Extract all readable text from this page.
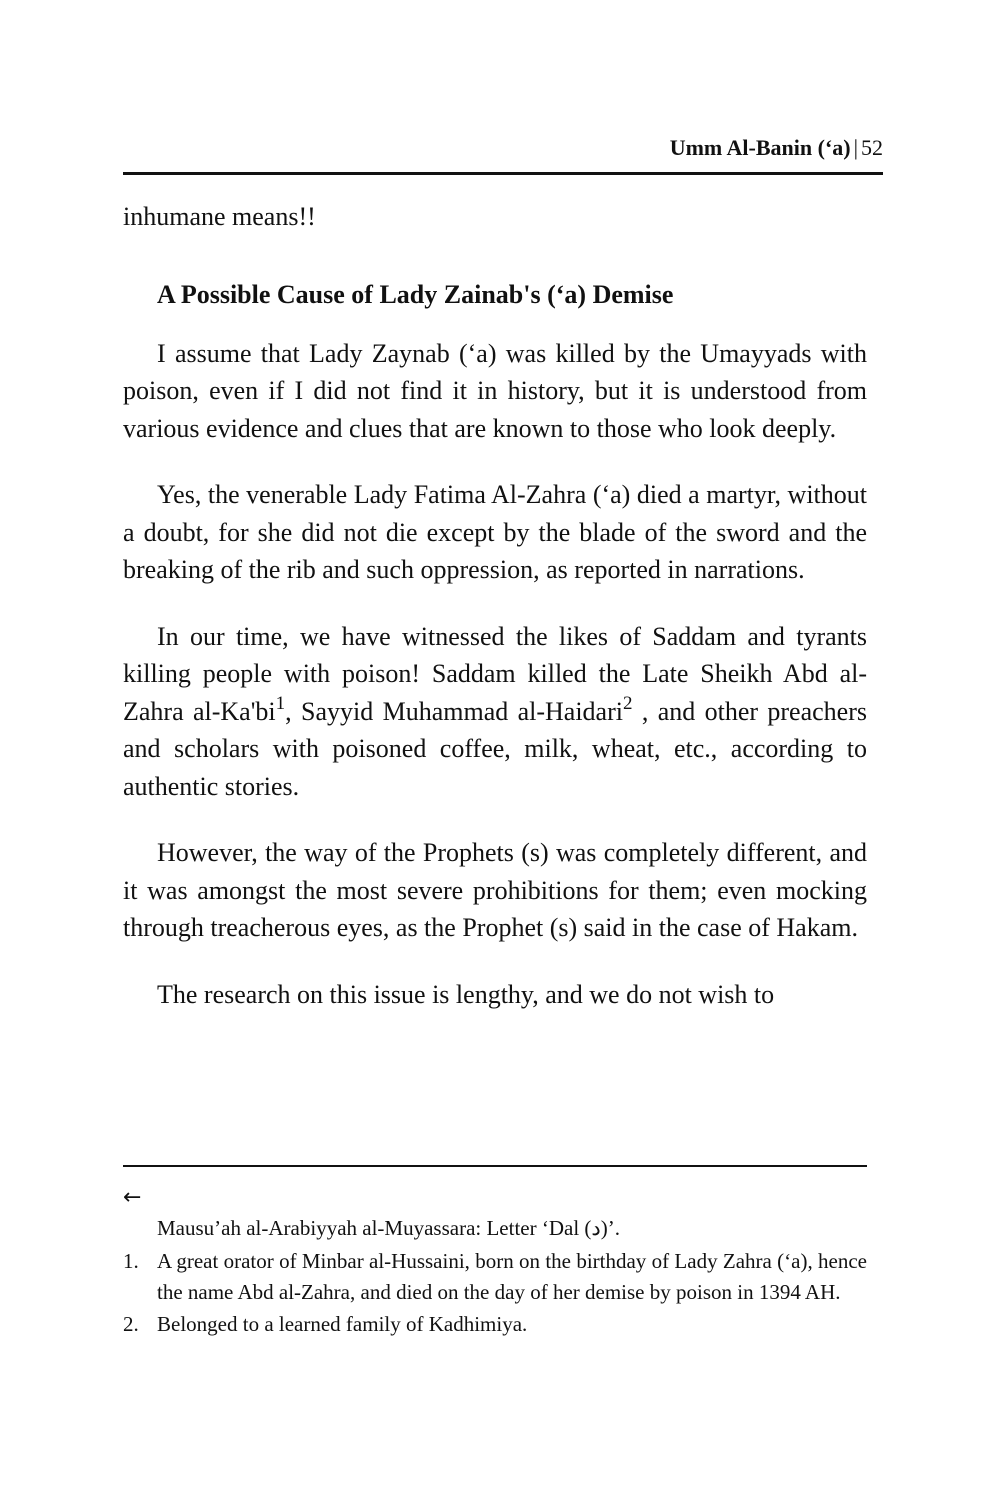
Umm Al-Banin (‘a) | 52

inhumane means!!

A Possible Cause of Lady Zainab's (‘a) Demise

I assume that Lady Zaynab (‘a) was killed by the Umayyads with poison, even if I did not find it in history, but it is understood from various evidence and clues that are known to those who look deeply.

Yes, the venerable Lady Fatima Al-Zahra (‘a) died a martyr, without a doubt, for she did not die except by the blade of the sword and the breaking of the rib and such oppression, as reported in narrations.

In our time, we have witnessed the likes of Saddam and tyrants killing people with poison! Saddam killed the Late Sheikh Abd al-Zahra $al-Ka'bi^1$, Sayyid Muhammad al-Haidari$^2$ , and other preachers and scholars with poisoned coffee, milk, wheat, etc., according to authentic stories.

However, the way of the Prophets (s) was completely different, and it was amongst the most severe prohibitions for them; even mocking through treacherous eyes, as the Prophet (s) said in the case of Hakam.

The research on this issue is lengthy, and we do not wish to

←
Mausu’ah al-Arabiyyah al-Muyassara: Letter ‘Dal (د)’.
1. A great orator of Minbar al-Hussaini, born on the birthday of Lady Zahra (‘a), hence the name Abd al-Zahra, and died on the day of her demise by poison in 1394 AH.
2. Belonged to a learned family of Kadhimiya.
